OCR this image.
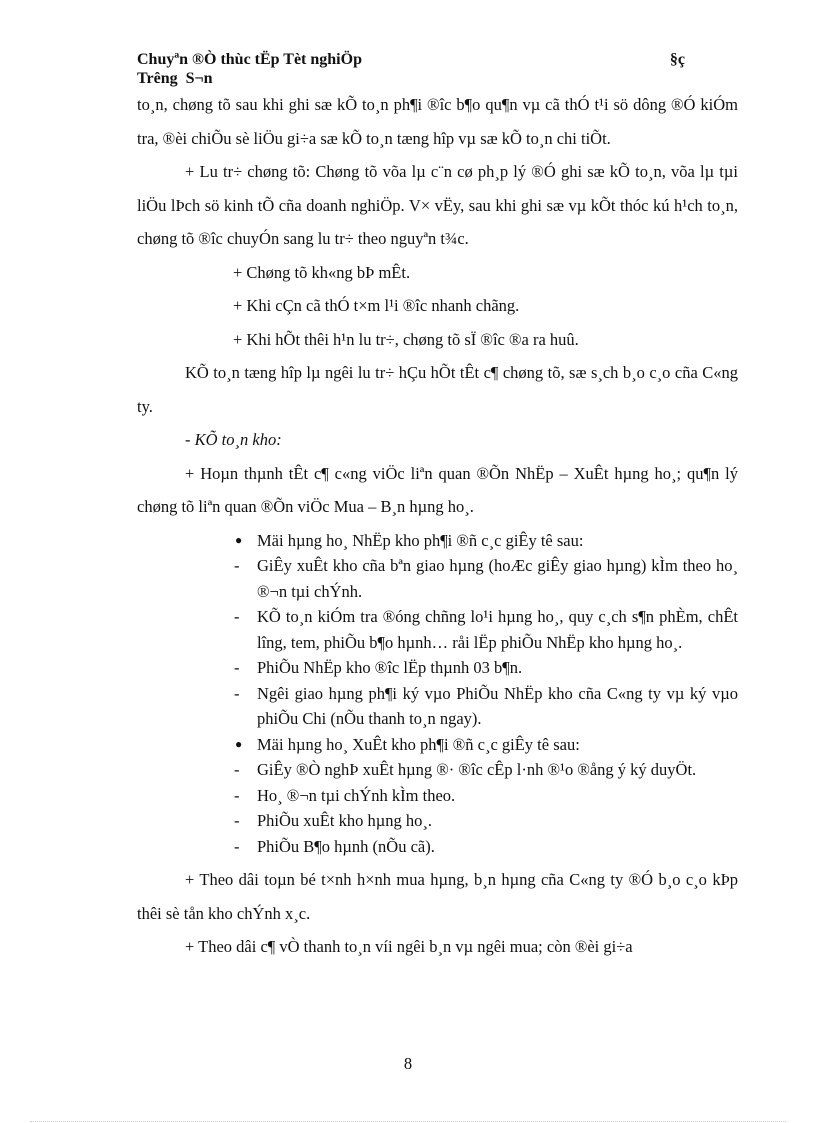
Chuyªn ®Ò thùc tËp Tèt nghiÖp	§ç
Trêng  S¬n

to¸n, chøng tõ sau khi ghi sæ kÕ to¸n ph¶i ®îc b¶o qu¶n vµ cã thÓ t¹i sö dông ®Ó kiÓm tra, ®èi chiÕu sè liÖu gi÷a sæ kÕ to¸n tæng hîp vµ sæ kÕ to¸n chi tiÕt.

+ Lu tr÷ chøng tõ: Chøng tõ võa lµ c¨n cø ph¸p lý ®Ó ghi sæ kÕ to¸n, võa lµ tµi liÖu lÞch sö kinh tÕ cña doanh nghiÖp. V× vËy, sau khi ghi sæ vµ kÕt thóc kú h¹ch to¸n, chøng tõ ®îc chuyÓn sang lu tr÷ theo nguyªn t¾c.

+ Chøng tõ kh«ng bÞ mÊt.

+ Khi cÇn cã thÓ t×m l¹i ®îc nhanh chãng.

+ Khi hÕt thêi h¹n lu tr÷, chøng tõ sÏ ®îc ®a ra huû.

KÕ to¸n tæng hîp lµ ngêi lu tr÷ hÇu hÕt tÊt c¶ chøng tõ, sæ s¸ch b¸o c¸o cña C«ng ty.

- KÕ to¸n kho:

+ Hoµn thµnh tÊt c¶ c«ng viÖc liªn quan ®Õn NhËp – XuÊt hµng ho¸; qu¶n lý chøng tõ liªn quan ®Õn viÖc Mua – B¸n hµng ho¸.

● Mäi hµng ho¸ NhËp kho ph¶i ®ñ c¸c giÊy tê sau:
- GiÊy xuÊt kho cña bªn giao hµng (hoÆc giÊy giao hµng) kÌm theo ho¸ ®¬n tµi chÝnh.
- KÕ to¸n kiÓm tra ®óng chñng lo¹i hµng ho¸, quy c¸ch s¶n phÈm, chÊt lîng, tem, phiÕu b¶o hµnh… råi lËp phiÕu NhËp kho hµng ho¸.
- PhiÕu NhËp kho ®îc lËp thµnh 03 b¶n.
- Ngêi giao hµng ph¶i ký vµo PhiÕu NhËp kho cña C«ng ty vµ ký vµo phiÕu Chi (nÕu thanh to¸n ngay).
● Mäi hµng ho¸ XuÊt kho ph¶i ®ñ c¸c giÊy tê sau:
- GiÊy ®Ò nghÞ xuÊt hµng ®· ®îc cÊp l·nh ®¹o ®ång ý ký duyÖt.
- Ho¸ ®¬n tµi chÝnh kÌm theo.
- PhiÕu xuÊt kho hµng ho¸.
- PhiÕu B¶o hµnh (nÕu cã).

+ Theo dâi toµn bé t×nh h×nh mua hµng, b¸n hµng cña C«ng ty ®Ó b¸o c¸o kÞp thêi sè tån kho chÝnh x¸c.

+ Theo dâi c¶ vÒ thanh to¸n víi ngêi b¸n vµ ngêi mua; còn ®èi gi÷a

8
